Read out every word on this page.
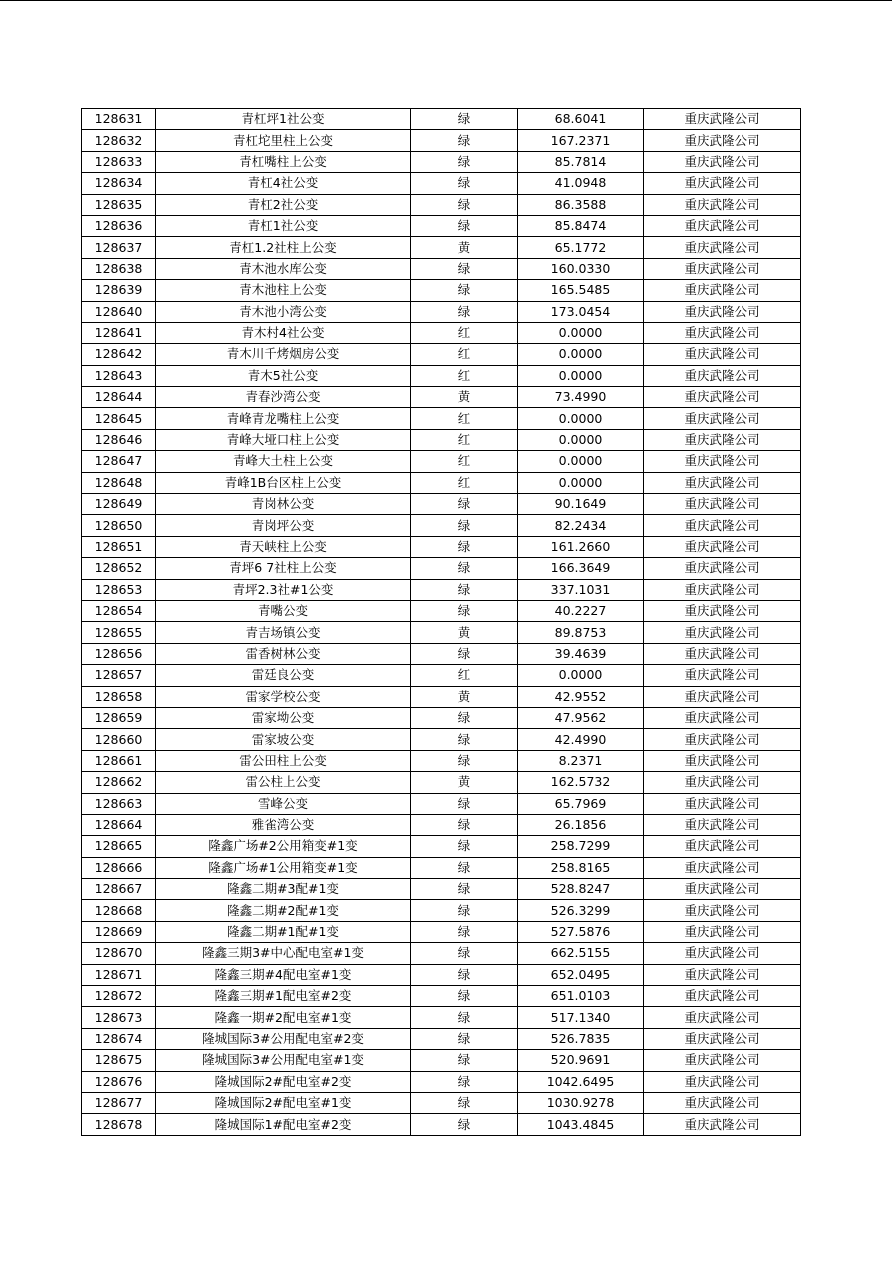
128631	青杠坪1社公变	绿	68.6041	重庆武隆公司
128632	青杠坨里柱上公变	绿	167.2371	重庆武隆公司
128633	青杠嘴柱上公变	绿	85.7814	重庆武隆公司
128634	青杠4社公变	绿	41.0948	重庆武隆公司
128635	青杠2社公变	绿	86.3588	重庆武隆公司
128636	青杠1社公变	绿	85.8474	重庆武隆公司
128637	青杠1.2社柱上公变	黄	65.1772	重庆武隆公司
128638	青木池水库公变	绿	160.0330	重庆武隆公司
128639	青木池柱上公变	绿	165.5485	重庆武隆公司
128640	青木池小湾公变	绿	173.0454	重庆武隆公司
128641	青木村4社公变	红	0.0000	重庆武隆公司
128642	青木川千烤烟房公变	红	0.0000	重庆武隆公司
128643	青木5社公变	红	0.0000	重庆武隆公司
128644	青春沙湾公变	黄	73.4990	重庆武隆公司
128645	青峰青龙嘴柱上公变	红	0.0000	重庆武隆公司
128646	青峰大垭口柱上公变	红	0.0000	重庆武隆公司
128647	青峰大土柱上公变	红	0.0000	重庆武隆公司
128648	青峰1B台区柱上公变	红	0.0000	重庆武隆公司
128649	青岗林公变	绿	90.1649	重庆武隆公司
128650	青岗坪公变	绿	82.2434	重庆武隆公司
128651	青天峡柱上公变	绿	161.2660	重庆武隆公司
128652	青坪6 7社柱上公变	绿	166.3649	重庆武隆公司
128653	青坪2.3社#1公变	绿	337.1031	重庆武隆公司
128654	青嘴公变	绿	40.2227	重庆武隆公司
128655	青吉场镇公变	黄	89.8753	重庆武隆公司
128656	雷香树林公变	绿	39.4639	重庆武隆公司
128657	雷廷良公变	红	0.0000	重庆武隆公司
128658	雷家学校公变	黄	42.9552	重庆武隆公司
128659	雷家坳公变	绿	47.9562	重庆武隆公司
128660	雷家坡公变	绿	42.4990	重庆武隆公司
128661	雷公田柱上公变	绿	8.2371	重庆武隆公司
128662	雷公柱上公变	黄	162.5732	重庆武隆公司
128663	雪峰公变	绿	65.7969	重庆武隆公司
128664	雅雀湾公变	绿	26.1856	重庆武隆公司
128665	隆鑫广场#2公用箱变#1变	绿	258.7299	重庆武隆公司
128666	隆鑫广场#1公用箱变#1变	绿	258.8165	重庆武隆公司
128667	隆鑫二期#3配#1变	绿	528.8247	重庆武隆公司
128668	隆鑫二期#2配#1变	绿	526.3299	重庆武隆公司
128669	隆鑫二期#1配#1变	绿	527.5876	重庆武隆公司
128670	隆鑫三期3#中心配电室#1变	绿	662.5155	重庆武隆公司
128671	隆鑫三期#4配电室#1变	绿	652.0495	重庆武隆公司
128672	隆鑫三期#1配电室#2变	绿	651.0103	重庆武隆公司
128673	隆鑫一期#2配电室#1变	绿	517.1340	重庆武隆公司
128674	隆城国际3#公用配电室#2变	绿	526.7835	重庆武隆公司
128675	隆城国际3#公用配电室#1变	绿	520.9691	重庆武隆公司
128676	隆城国际2#配电室#2变	绿	1042.6495	重庆武隆公司
128677	隆城国际2#配电室#1变	绿	1030.9278	重庆武隆公司
128678	隆城国际1#配电室#2变	绿	1043.4845	重庆武隆公司
